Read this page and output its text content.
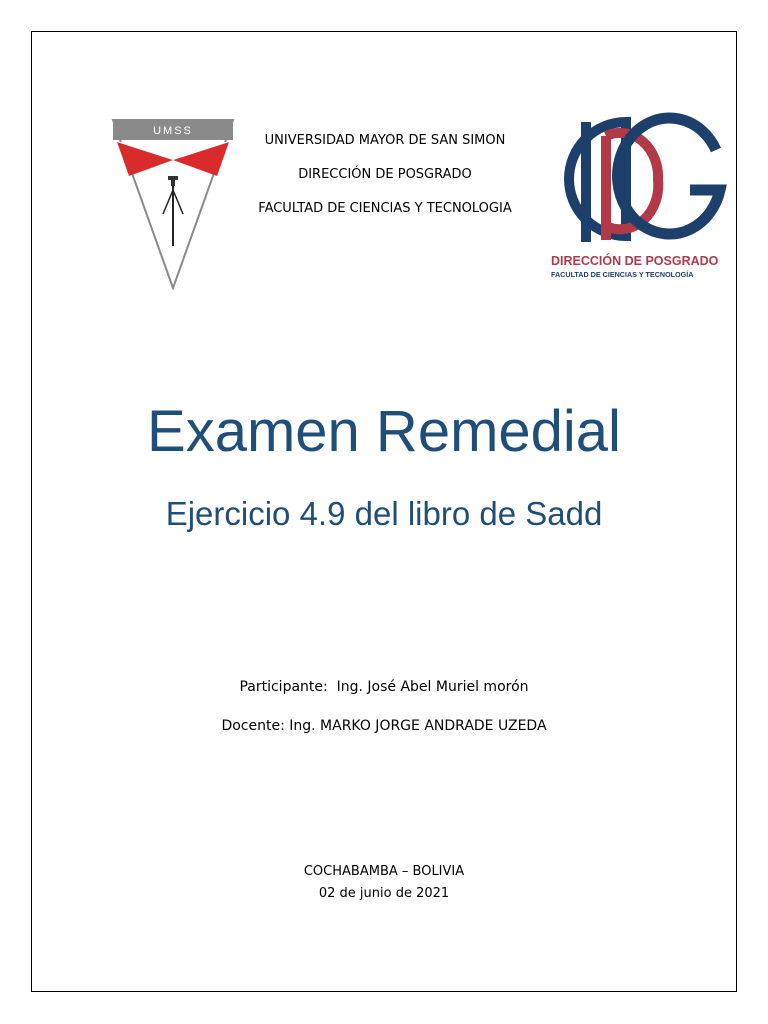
UMSS
UNIVERSIDAD MAYOR DE SAN SIMON
DIRECCIÓN DE POSGRADO
FACULTAD DE CIENCIAS Y TECNOLOGIA
DIRECCIÓN DE POSGRADO
FACULTAD DE CIENCIAS Y TECNOLOGÍA
Examen Remedial
Ejercicio 4.9 del libro de Sadd
Participante:  Ing. José Abel Muriel morón
Docente: Ing. MARKO JORGE ANDRADE UZEDA
COCHABAMBA – BOLIVIA
02 de junio de 2021
